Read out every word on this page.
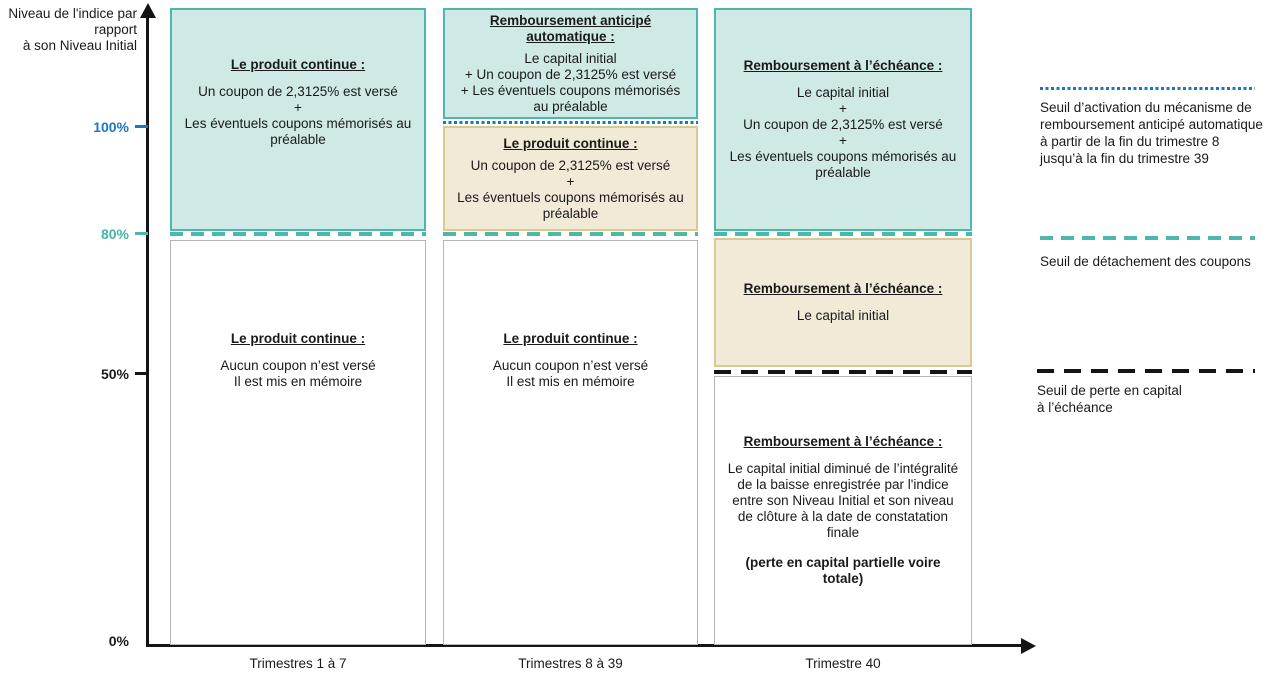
Niveau de l'indice par
rapport
à son Niveau Initial
100%
80%
50%
0%
Le produit continue :
Un coupon de 2,3125% est versé
+
Les éventuels coupons mémorisés au préalable
Le produit continue :
Aucun coupon n’est versé
Il est mis en mémoire
Remboursement anticipé automatique :
Le capital initial
+ Un coupon de 2,3125% est versé
+ Les éventuels coupons mémorisés au préalable
Le produit continue :
Un coupon de 2,3125% est versé
+
Les éventuels coupons mémorisés au préalable
Le produit continue :
Aucun coupon n’est versé
Il est mis en mémoire
Remboursement à l’échéance :
Le capital initial
+
Un coupon de 2,3125% est versé
+
Les éventuels coupons mémorisés au préalable
Remboursement à l’échéance :
Le capital initial
Remboursement à l’échéance :
Le capital initial diminué de l’intégralité de la baisse enregistrée par l'indice entre son Niveau Initial et son niveau de clôture à la date de constatation finale
(perte en capital partielle voire totale)
Trimestres 1 à 7	Trimestres 8 à 39	Trimestre 40
Seuil d’activation du mécanisme de remboursement anticipé automatique à partir de la fin du trimestre 8 jusqu’à la fin du trimestre 39
Seuil de détachement des coupons
Seuil de perte en capital
à l’échéance
